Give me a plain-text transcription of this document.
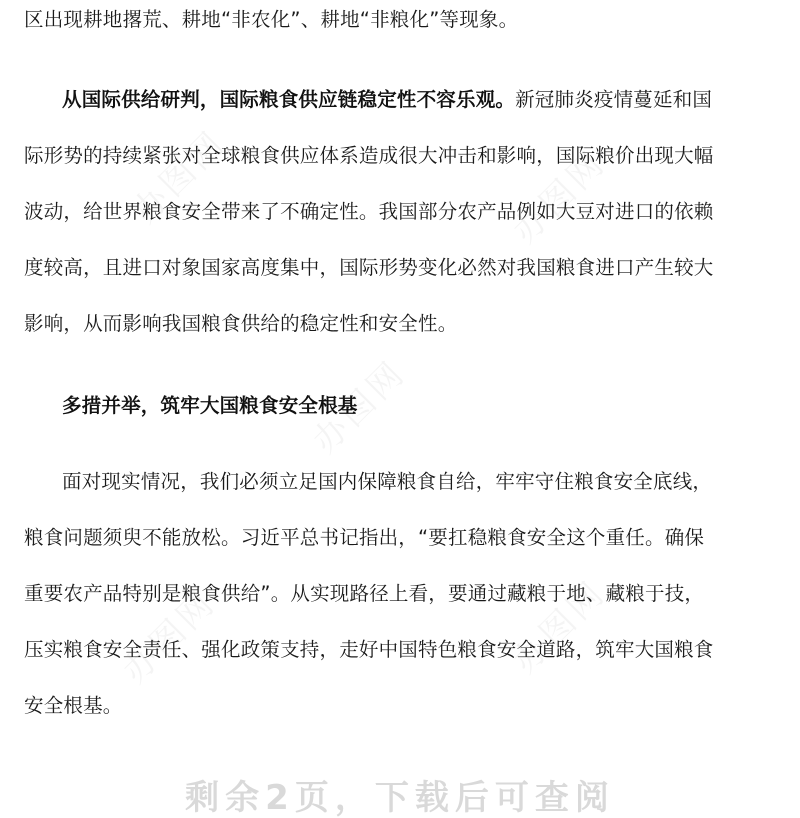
区出现耕地撂荒、耕地“非农化”、耕地“非粮化”等现象。
从国际供给研判，国际粮食供应链稳定性不容乐观。新冠肺炎疫情蔓延和国
际形势的持续紧张对全球粮食供应体系造成很大冲击和影响，国际粮价出现大幅
波动，给世界粮食安全带来了不确定性。我国部分农产品例如大豆对进口的依赖
度较高，且进口对象国家高度集中，国际形势变化必然对我国粮食进口产生较大
影响，从而影响我国粮食供给的稳定性和安全性。
多措并举，筑牢大国粮食安全根基
面对现实情况，我们必须立足国内保障粮食自给，牢牢守住粮食安全底线，
粮食问题须臾不能放松。习近平总书记指出，“要扛稳粮食安全这个重任。确保
重要农产品特别是粮食供给”。从实现路径上看，要通过藏粮于地、藏粮于技，
压实粮食安全责任、强化政策支持，走好中国特色粮食安全道路，筑牢大国粮食
安全根基。
剩余2页，下载后可查阅
